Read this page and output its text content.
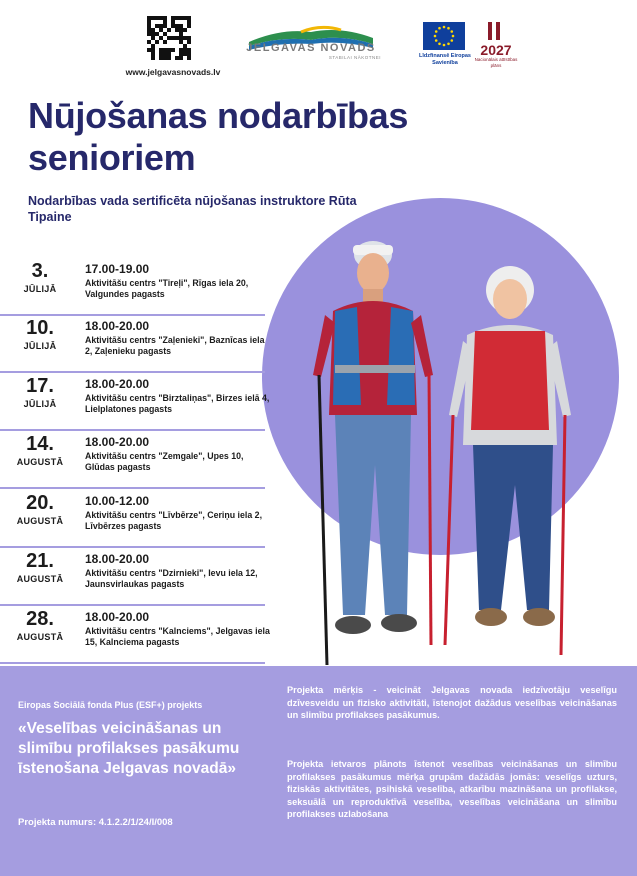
www.jelgavasnovads.lv
JELGAVAS NOVADS
STABILAI NĀKOTNEI	Līdzfinansē Eiropas Savienība
2027
Nacionālais attīstības plāns
Nūjošanas nodarbības senioriem
Nodarbības vada sertificēta nūjošanas instruktore Rūta Tipaine
3.
JŪLIJĀ
17.00-19.00
Aktivitāšu centrs "Tireļi", Rīgas iela 20, Valgundes pagasts
10.
JŪLIJĀ
18.00-20.00
Aktivitāšu centrs "Zaļenieki", Baznīcas iela 2, Zaļenieku pagasts
17.
JŪLIJĀ
18.00-20.00
Aktivitāšu centrs "Birztaliņas", Birzes ielā 4, Lielplatones pagasts
14.
AUGUSTĀ
18.00-20.00
Aktivitāšu centrs "Zemgale", Upes 10, Glūdas pagasts
20.
AUGUSTĀ
10.00-12.00
Aktivitāšu centrs "Līvbērze", Ceriņu iela 2, Līvbērzes pagasts
21.
AUGUSTĀ
18.00-20.00
Aktivitāšu centrs "Dzirnieki", Ievu iela 12, Jaunsvirlaukas pagasts
28.
AUGUSTĀ
18.00-20.00
Aktivitāšu centrs "Kalnciems", Jelgavas iela 15, Kalnciema pagasts
Eiropas Sociālā fonda Plus (ESF+) projekts
«Veselības veicināšanas un slimību profilakses pasākumu īstenošana Jelgavas novadā»
Projekta numurs: 4.1.2.2/1/24/I/008
Projekta mērķis - veicināt Jelgavas novada iedzīvotāju veselīgu dzīvesveidu un fizisko aktivitāti, īstenojot dažādus veselības veicināšanas un slimību profilakses pasākumus.
Projekta ietvaros plānots īstenot veselības veicināšanas un slimību profilakses pasākumus mērķa grupām dažādās jomās: veselīgs uzturs, fiziskās aktivitātes, psihiskā veselība, atkarību mazināšana un profilakse, seksuālā un reproduktīvā veselība, veselības veicināšana un slimību profilakses uzlabošana
